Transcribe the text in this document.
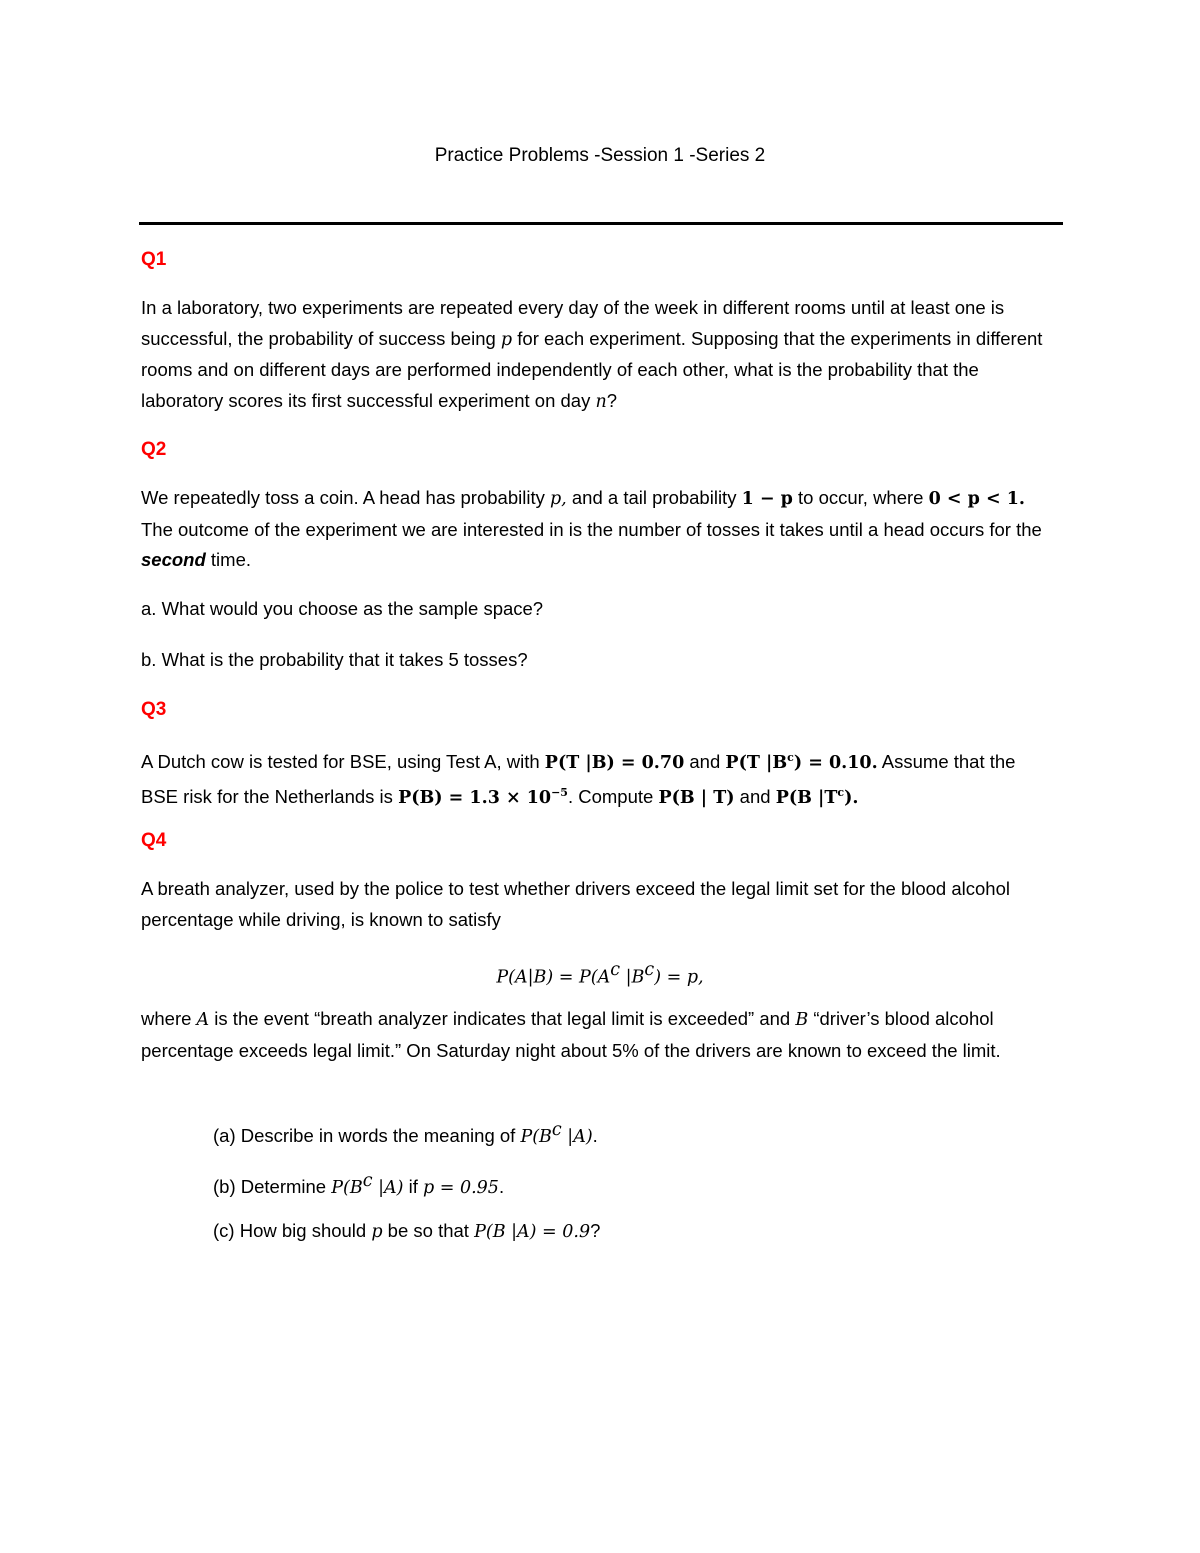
Practice Problems -Session 1 -Series 2
Q1
In a laboratory, two experiments are repeated every day of the week in different rooms until at least one is successful, the probability of success being p for each experiment. Supposing that the experiments in different rooms and on different days are performed independently of each other, what is the probability that the laboratory scores its first successful experiment on day n?
Q2
We repeatedly toss a coin. A head has probability p, and a tail probability 1 − p to occur, where 0 < p < 1. The outcome of the experiment we are interested in is the number of tosses it takes until a head occurs for the second time.
a. What would you choose as the sample space?
b. What is the probability that it takes 5 tosses?
Q3
A Dutch cow is tested for BSE, using Test A, with P(T |B) = 0.70 and P(T $|B^c) = 0.10$. Assume that the BSE risk for the Netherlands is $P(B) = 1.3 \times 10^{-5}$. Compute P(B | T) and P(B $|T^c$).
Q4
A breath analyzer, used by the police to test whether drivers exceed the legal limit set for the blood alcohol percentage while driving, is known to satisfy
$P(A|B) = P(A^c$ $|B^c) = p$,
where A is the event “breath analyzer indicates that legal limit is exceeded” and B “driver’s blood alcohol percentage exceeds legal limit.” On Saturday night about 5% of the drivers are known to exceed the limit.
(a) Describe in words the meaning of $P(B^c$ |A).
(b) Determine $P(B^c$ |A) if p = 0.95.
(c) How big should p be so that P(B |A) = 0.9?
